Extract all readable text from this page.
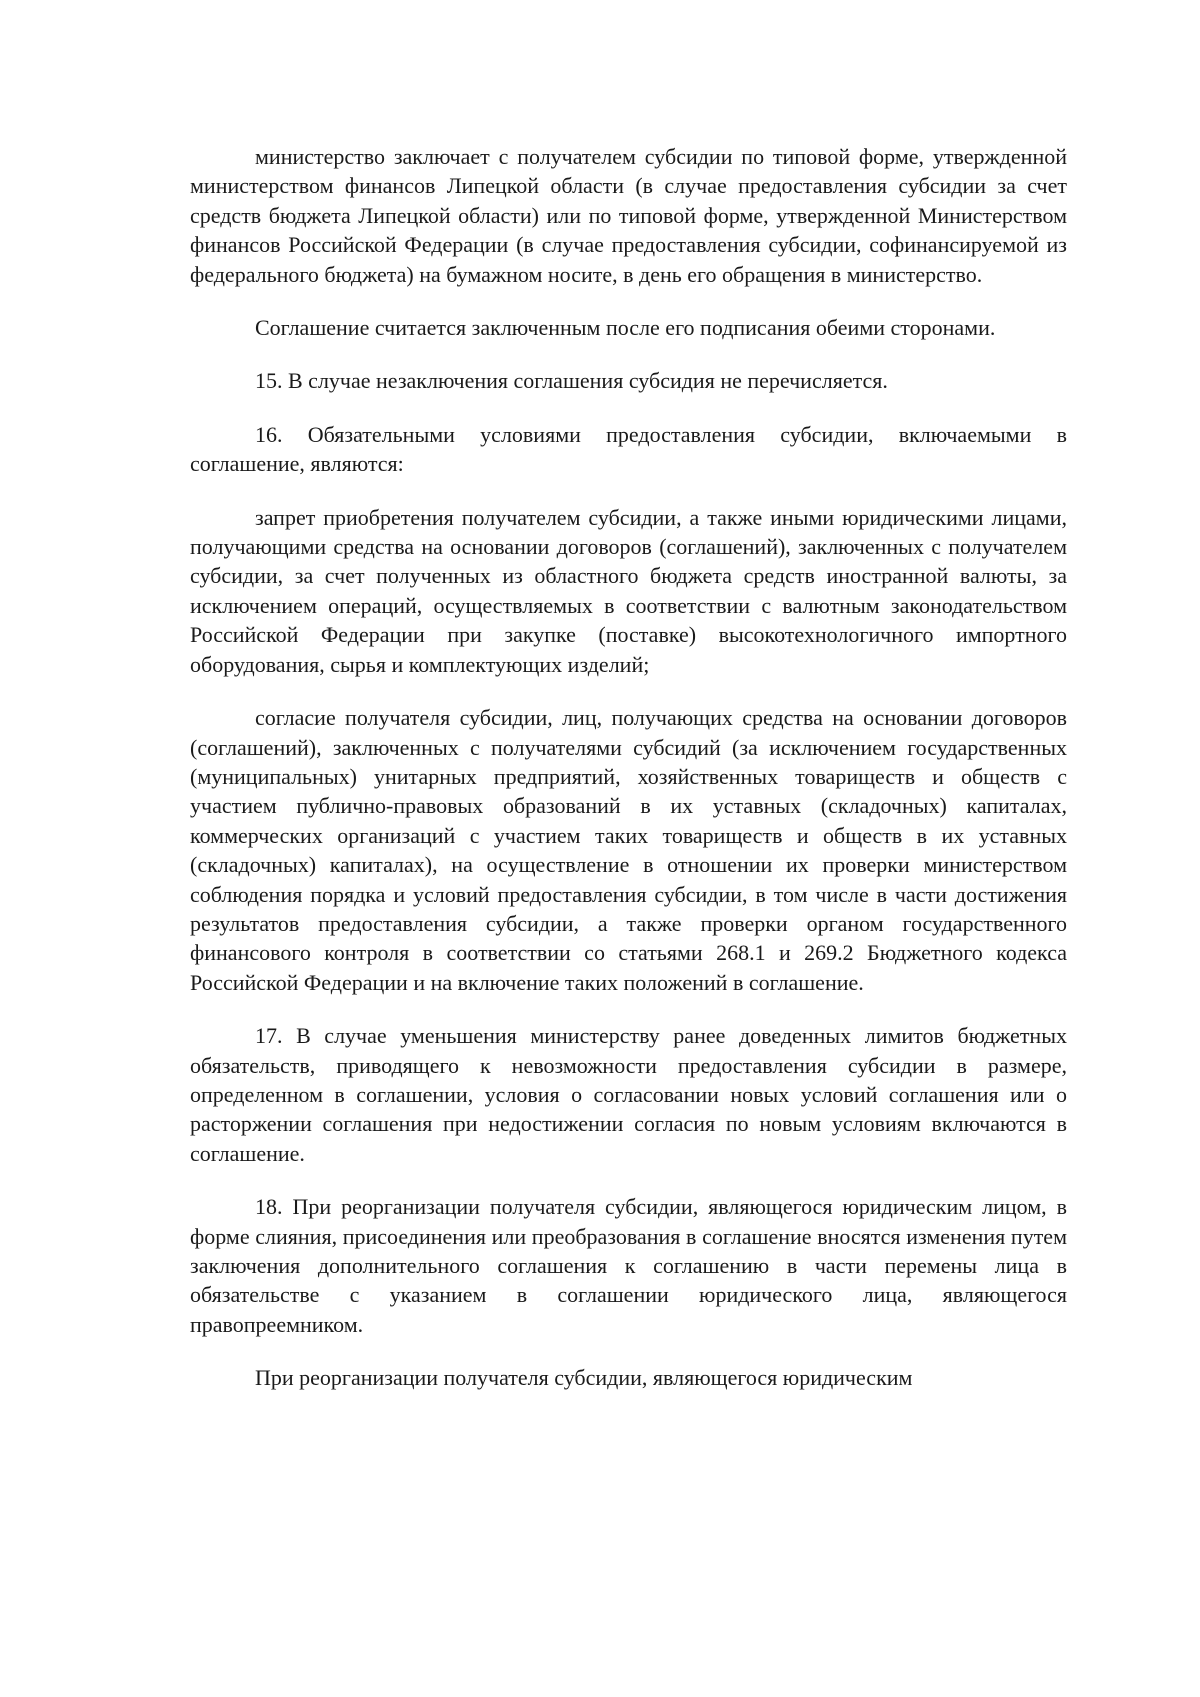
министерство заключает с получателем субсидии по типовой форме, утвержденной министерством финансов Липецкой области (в случае предоставления субсидии за счет средств бюджета Липецкой области) или по типовой форме, утвержденной Министерством финансов Российской Федерации (в случае предоставления субсидии, софинансируемой из федерального бюджета) на бумажном носите, в день его обращения в министерство.

Соглашение считается заключенным после его подписания обеими сторонами.

15. В случае незаключения соглашения субсидия не перечисляется.

16. Обязательными условиями предоставления субсидии, включаемыми в соглашение, являются:

запрет приобретения получателем субсидии, а также иными юридическими лицами, получающими средства на основании договоров (соглашений), заключенных с получателем субсидии, за счет полученных из областного бюджета средств иностранной валюты, за исключением операций, осуществляемых в соответствии с валютным законодательством Российской Федерации при закупке (поставке) высокотехнологичного импортного оборудования, сырья и комплектующих изделий;

согласие получателя субсидии, лиц, получающих средства на основании договоров (соглашений), заключенных с получателями субсидий (за исключением государственных (муниципальных) унитарных предприятий, хозяйственных товариществ и обществ с участием публично-правовых образований в их уставных (складочных) капиталах, коммерческих организаций с участием таких товариществ и обществ в их уставных (складочных) капиталах), на осуществление в отношении их проверки министерством соблюдения порядка и условий предоставления субсидии, в том числе в части достижения результатов предоставления субсидии, а также проверки органом государственного финансового контроля в соответствии со статьями 268.1 и 269.2 Бюджетного кодекса Российской Федерации и на включение таких положений в соглашение.

17. В случае уменьшения министерству ранее доведенных лимитов бюджетных обязательств, приводящего к невозможности предоставления субсидии в размере, определенном в соглашении, условия о согласовании новых условий соглашения или о расторжении соглашения при недостижении согласия по новым условиям включаются в соглашение.

18. При реорганизации получателя субсидии, являющегося юридическим лицом, в форме слияния, присоединения или преобразования в соглашение вносятся изменения путем заключения дополнительного соглашения к соглашению в части перемены лица в обязательстве с указанием в соглашении юридического лица, являющегося правопреемником.

При реорганизации получателя субсидии, являющегося юридическим
